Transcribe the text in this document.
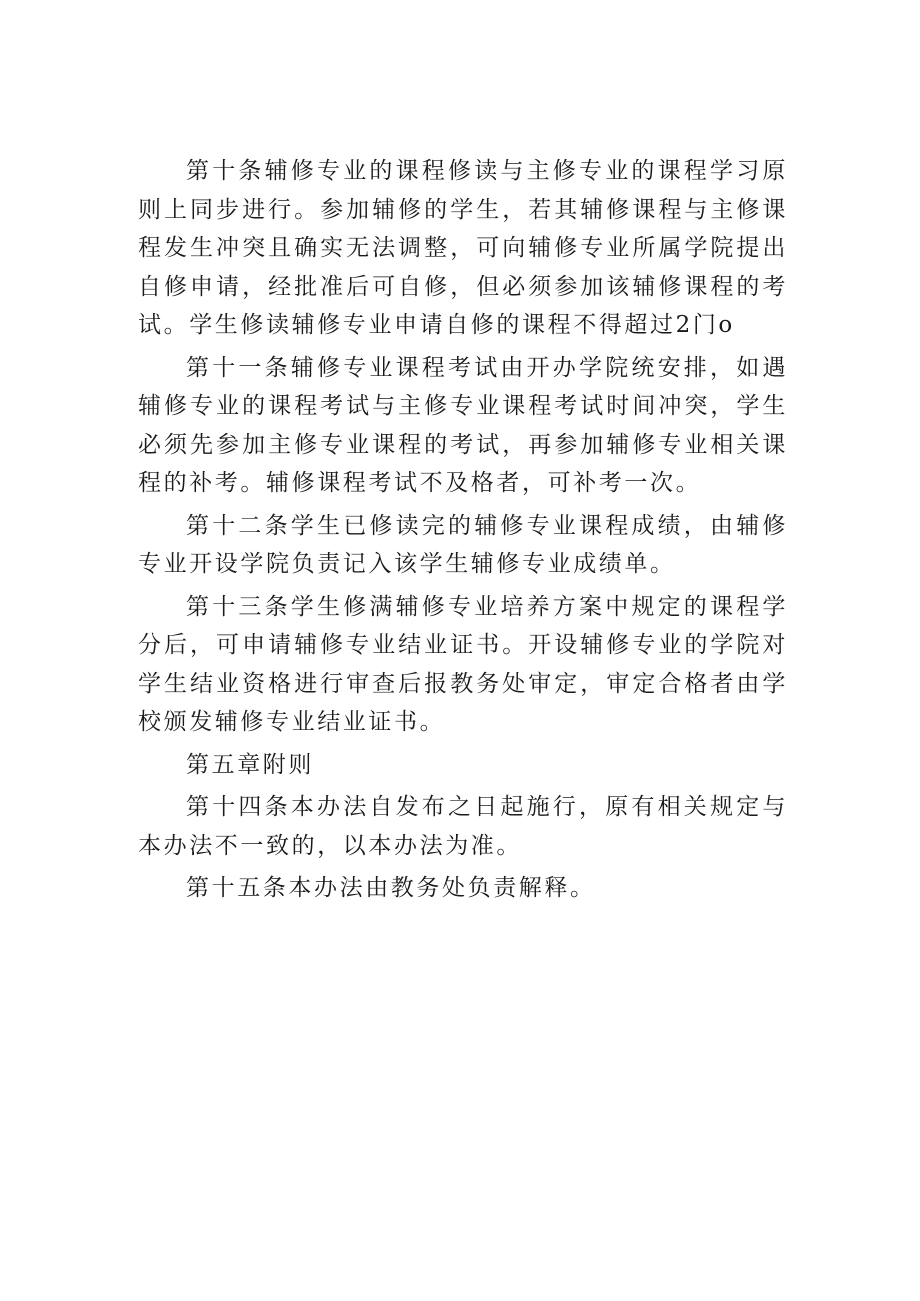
第十条辅修专业的课程修读与主修专业的课程学习原则上同步进行。参加辅修的学生，若其辅修课程与主修课程发生冲突且确实无法调整，可向辅修专业所属学院提出自修申请，经批准后可自修，但必须参加该辅修课程的考试。学生修读辅修专业申请自修的课程不得超过2门o

第十一条辅修专业课程考试由开办学院统安排，如遇辅修专业的课程考试与主修专业课程考试时间冲突，学生必须先参加主修专业课程的考试，再参加辅修专业相关课程的补考。辅修课程考试不及格者，可补考一次。

第十二条学生已修读完的辅修专业课程成绩，由辅修专业开设学院负责记入该学生辅修专业成绩单。

第十三条学生修满辅修专业培养方案中规定的课程学分后，可申请辅修专业结业证书。开设辅修专业的学院对学生结业资格进行审查后报教务处审定，审定合格者由学校颁发辅修专业结业证书。

第五章附则

第十四条本办法自发布之日起施行，原有相关规定与本办法不一致的，以本办法为准。

第十五条本办法由教务处负责解释。
